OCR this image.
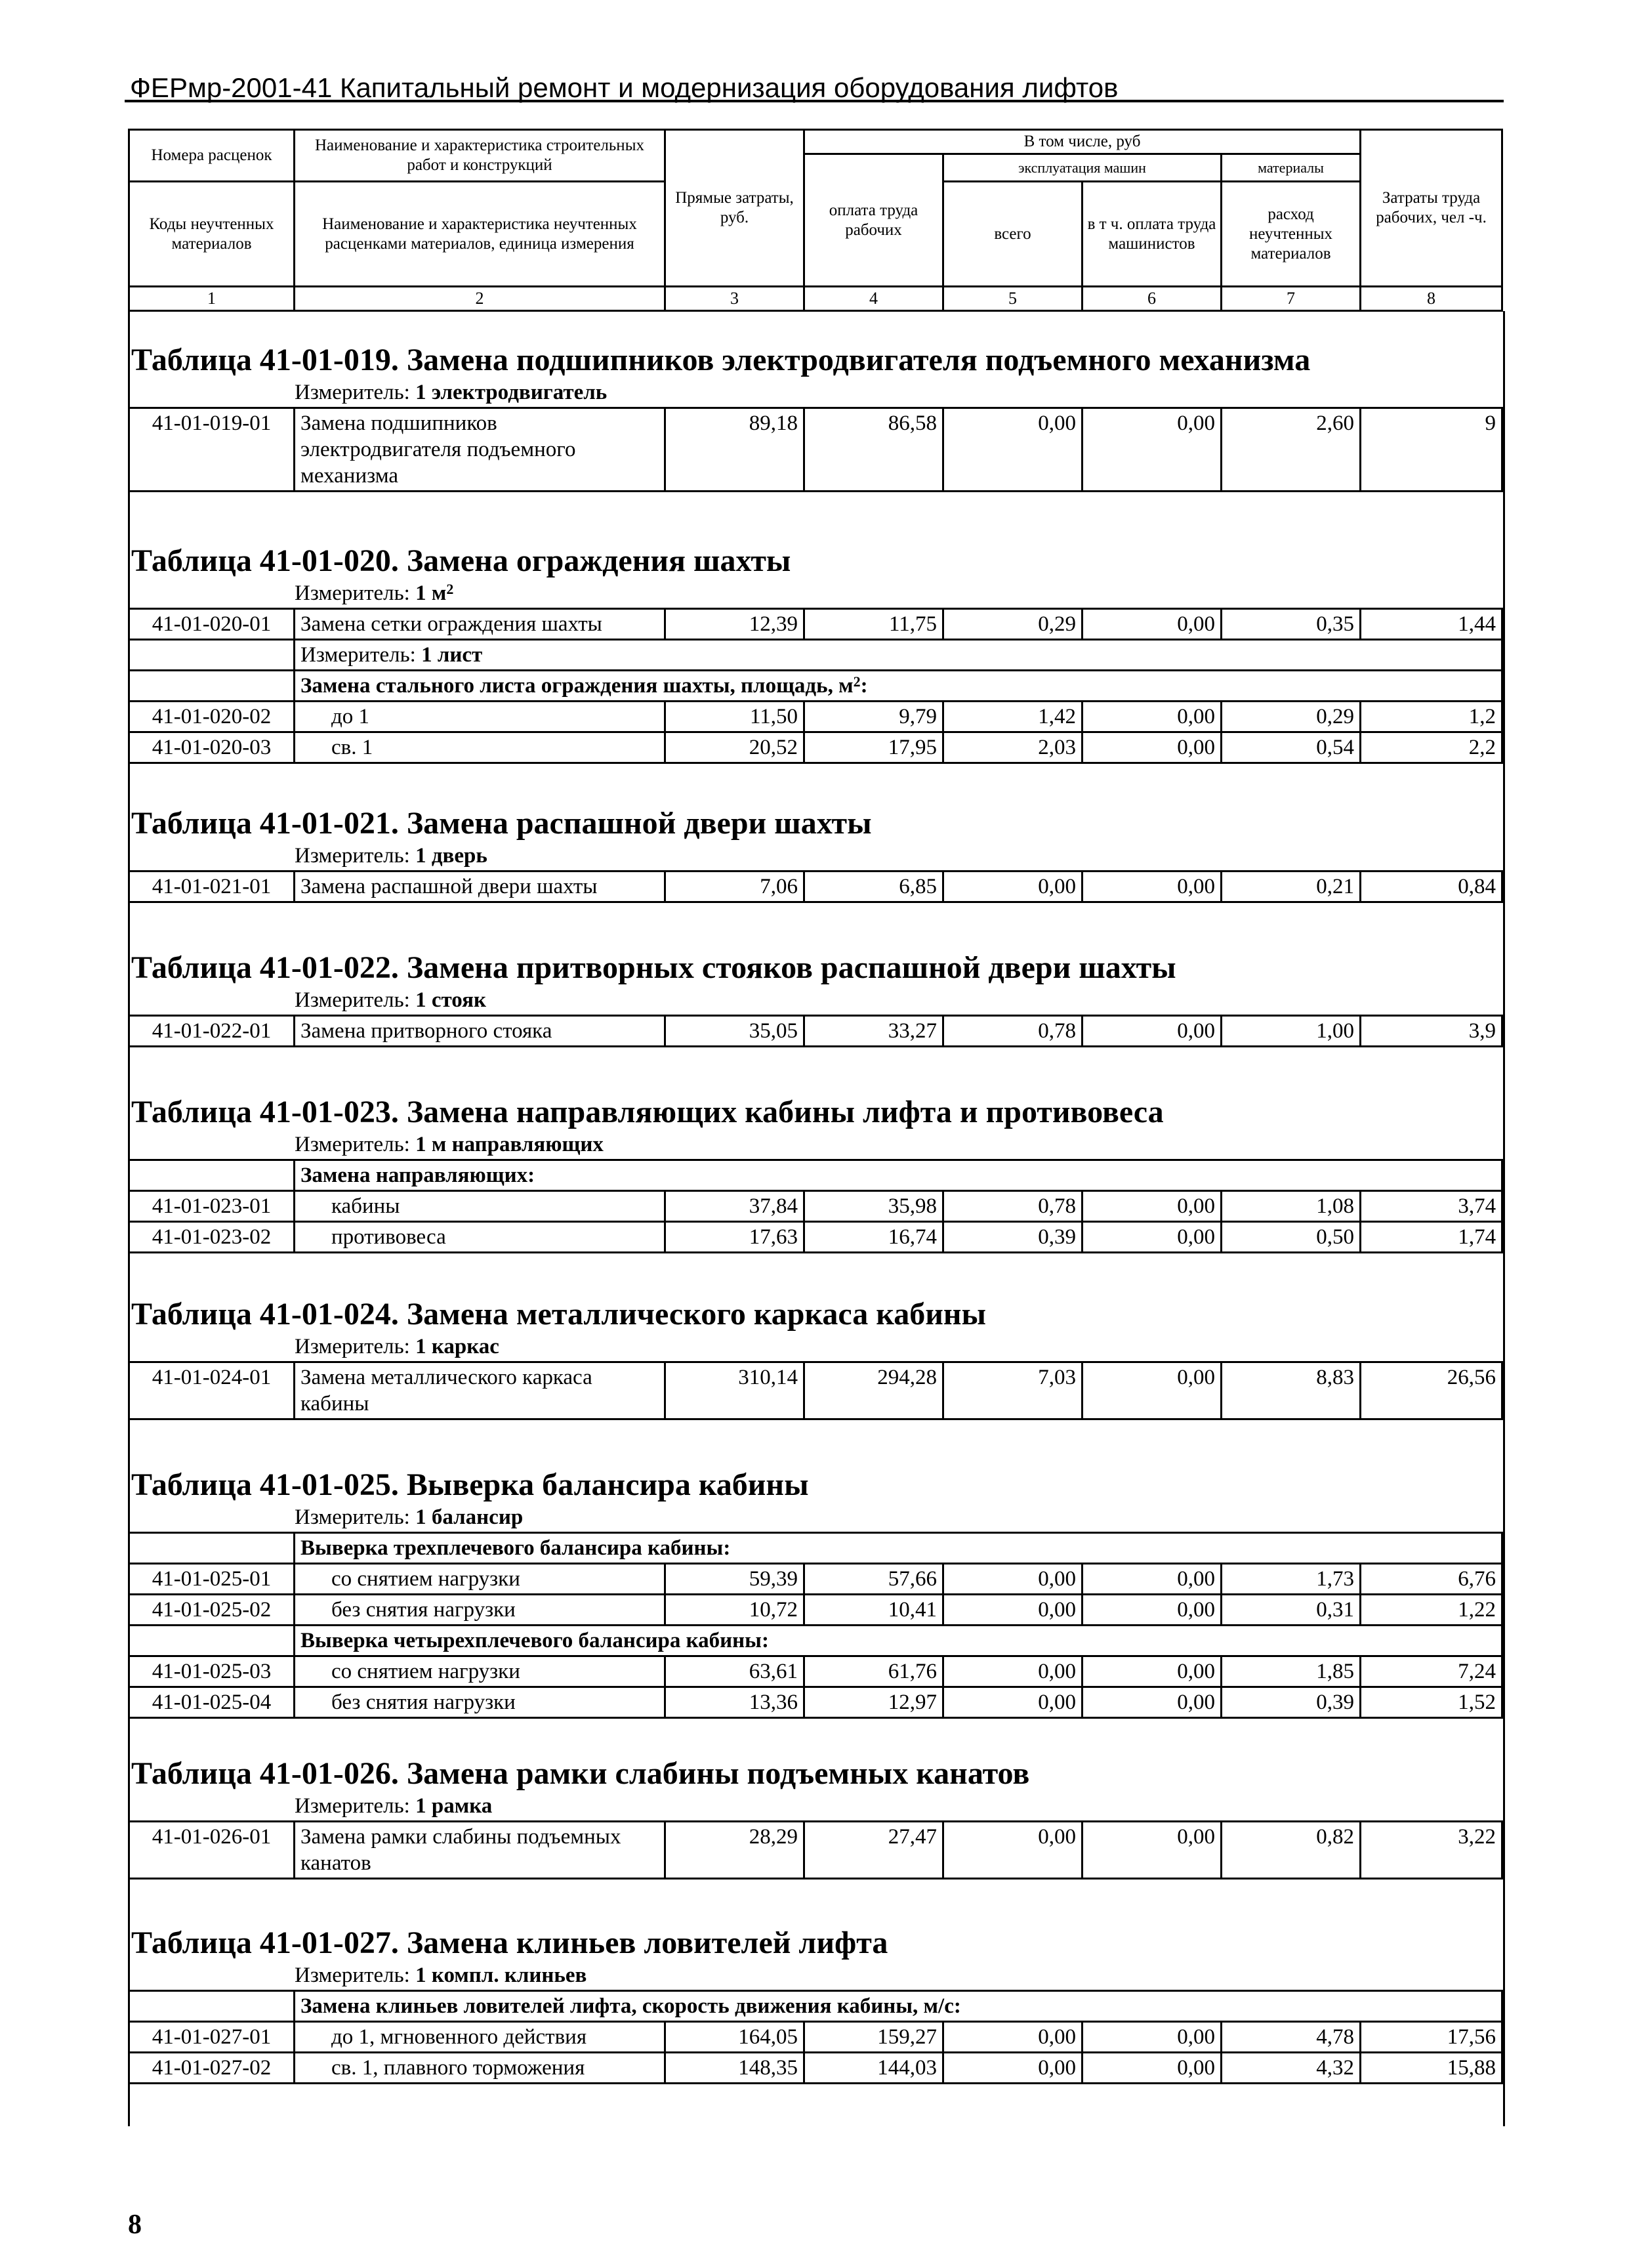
ФЕРмр-2001-41 Капитальный ремонт и модернизация оборудования лифтов
Номера расценок	Наименование и характеристика строительных работ и конструкций	Прямые затраты, руб.	В том числе, руб				Затраты труда рабочих, чел -ч.
			оплата труда рабочих	эксплуатация машин		материалы	
Коды неучтенных материалов	Наименование и характеристика неучтенных расценками материалов, единица измерения			всего	в т ч. оплата труда машинистов	расход неучтенных материалов	

1	2	3	4	5	6	7	8
Таблица 41-01-019. Замена подшипников электродвигателя подъемного механизма
Измеритель: 1 электродвигатель
41-01-019-01	Замена подшипников электродвигателя подъемного механизма	89,18	86,58	0,00	0,00	2,60	9
Таблица 41-01-020. Замена ограждения шахты
Измеритель: 1 $м^2$
41-01-020-01	Замена сетки ограждения шахты	12,39	11,75	0,29	0,00	0,35	1,44
	Измеритель: 1 лист						
	Замена стального листа ограждения шахты, площадь, $м^2$:						
41-01-020-02	до 1	11,50	9,79	1,42	0,00	0,29	1,2
41-01-020-03	св. 1	20,52	17,95	2,03	0,00	0,54	2,2
Таблица 41-01-021. Замена распашной двери шахты
Измеритель: 1 дверь
41-01-021-01	Замена распашной двери шахты	7,06	6,85	0,00	0,00	0,21	0,84
Таблица 41-01-022. Замена притворных стояков распашной двери шахты
Измеритель: 1 стояк
41-01-022-01	Замена притворного стояка	35,05	33,27	0,78	0,00	1,00	3,9
Таблица 41-01-023. Замена направляющих кабины лифта и противовеса
Измеритель: 1 м направляющих
	Замена направляющих:						
41-01-023-01	кабины	37,84	35,98	0,78	0,00	1,08	3,74
41-01-023-02	противовеса	17,63	16,74	0,39	0,00	0,50	1,74
Таблица 41-01-024. Замена металлического каркаса кабины
Измеритель: 1 каркас
41-01-024-01	Замена металлического каркаса кабины	310,14	294,28	7,03	0,00	8,83	26,56
Таблица 41-01-025. Выверка балансира кабины
Измеритель: 1 балансир
	Выверка трехплечевого балансира кабины:						
41-01-025-01	со снятием нагрузки	59,39	57,66	0,00	0,00	1,73	6,76
41-01-025-02	без снятия нагрузки	10,72	10,41	0,00	0,00	0,31	1,22
	Выверка четырехплечевого балансира кабины:						
41-01-025-03	со снятием нагрузки	63,61	61,76	0,00	0,00	1,85	7,24
41-01-025-04	без снятия нагрузки	13,36	12,97	0,00	0,00	0,39	1,52
Таблица 41-01-026. Замена рамки слабины подъемных канатов
Измеритель: 1 рамка
41-01-026-01	Замена рамки слабины подъемных канатов	28,29	27,47	0,00	0,00	0,82	3,22
Таблица 41-01-027. Замена клиньев ловителей лифта
Измеритель: 1 компл. клиньев
	Замена клиньев ловителей лифта, скорость движения кабины, м/с:						
41-01-027-01	до 1, мгновенного действия	164,05	159,27	0,00	0,00	4,78	17,56
41-01-027-02	св. 1, плавного торможения	148,35	144,03	0,00	0,00	4,32	15,88
8
